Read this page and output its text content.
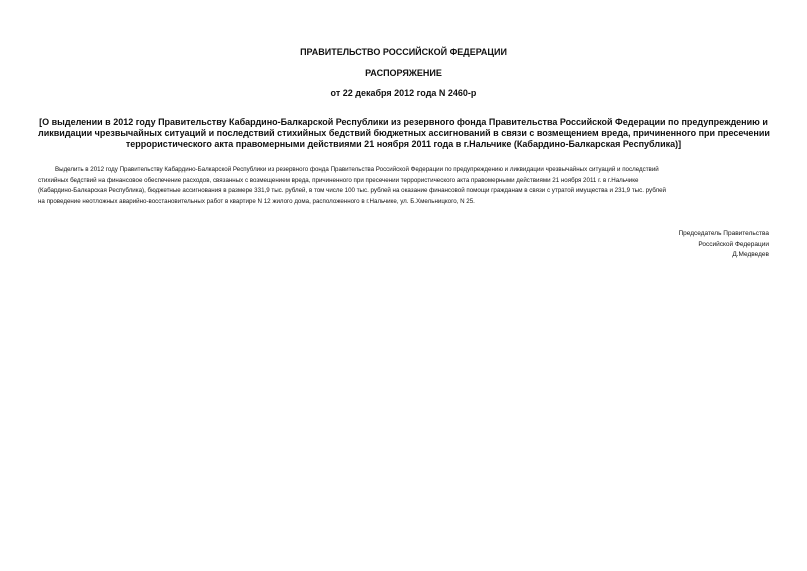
ПРАВИТЕЛЬСТВО РОССИЙСКОЙ ФЕДЕРАЦИИ
РАСПОРЯЖЕНИЕ
от 22 декабря 2012 года N 2460-р
[О выделении в 2012 году Правительству Кабардино-Балкарской Республики из резервного фонда Правительства Российской Федерации по предупреждению и
ликвидации чрезвычайных ситуаций и последствий стихийных бедствий бюджетных ассигнований в связи с возмещением вреда, причиненного при пресечении
террористического акта правомерными действиями 21 ноября 2011 года в г.Нальчике (Кабардино-Балкарская Республика)]
Выделить в 2012 году Правительству Кабардино-Балкарской Республики из резервного фонда Правительства Российской Федерации по предупреждению и ликвидации чрезвычайных ситуаций и последствий
стихийных бедствий на финансовое обеспечение расходов, связанных с возмещением вреда, причиненного при пресечении террористического акта правомерными действиями 21 ноября 2011 г. в г.Нальчике
(Кабардино-Балкарская Республика), бюджетные ассигнования в размере 331,9 тыс. рублей, в том числе 100 тыс. рублей на оказание финансовой помощи гражданам в связи с утратой имущества и 231,9 тыс. рублей
на проведение неотложных аварийно-восстановительных работ в квартире N 12 жилого дома, расположенного в г.Нальчике, ул. Б.Хмельницкого, N 25.
Председатель Правительства
Российской Федерации
Д.Медведев
